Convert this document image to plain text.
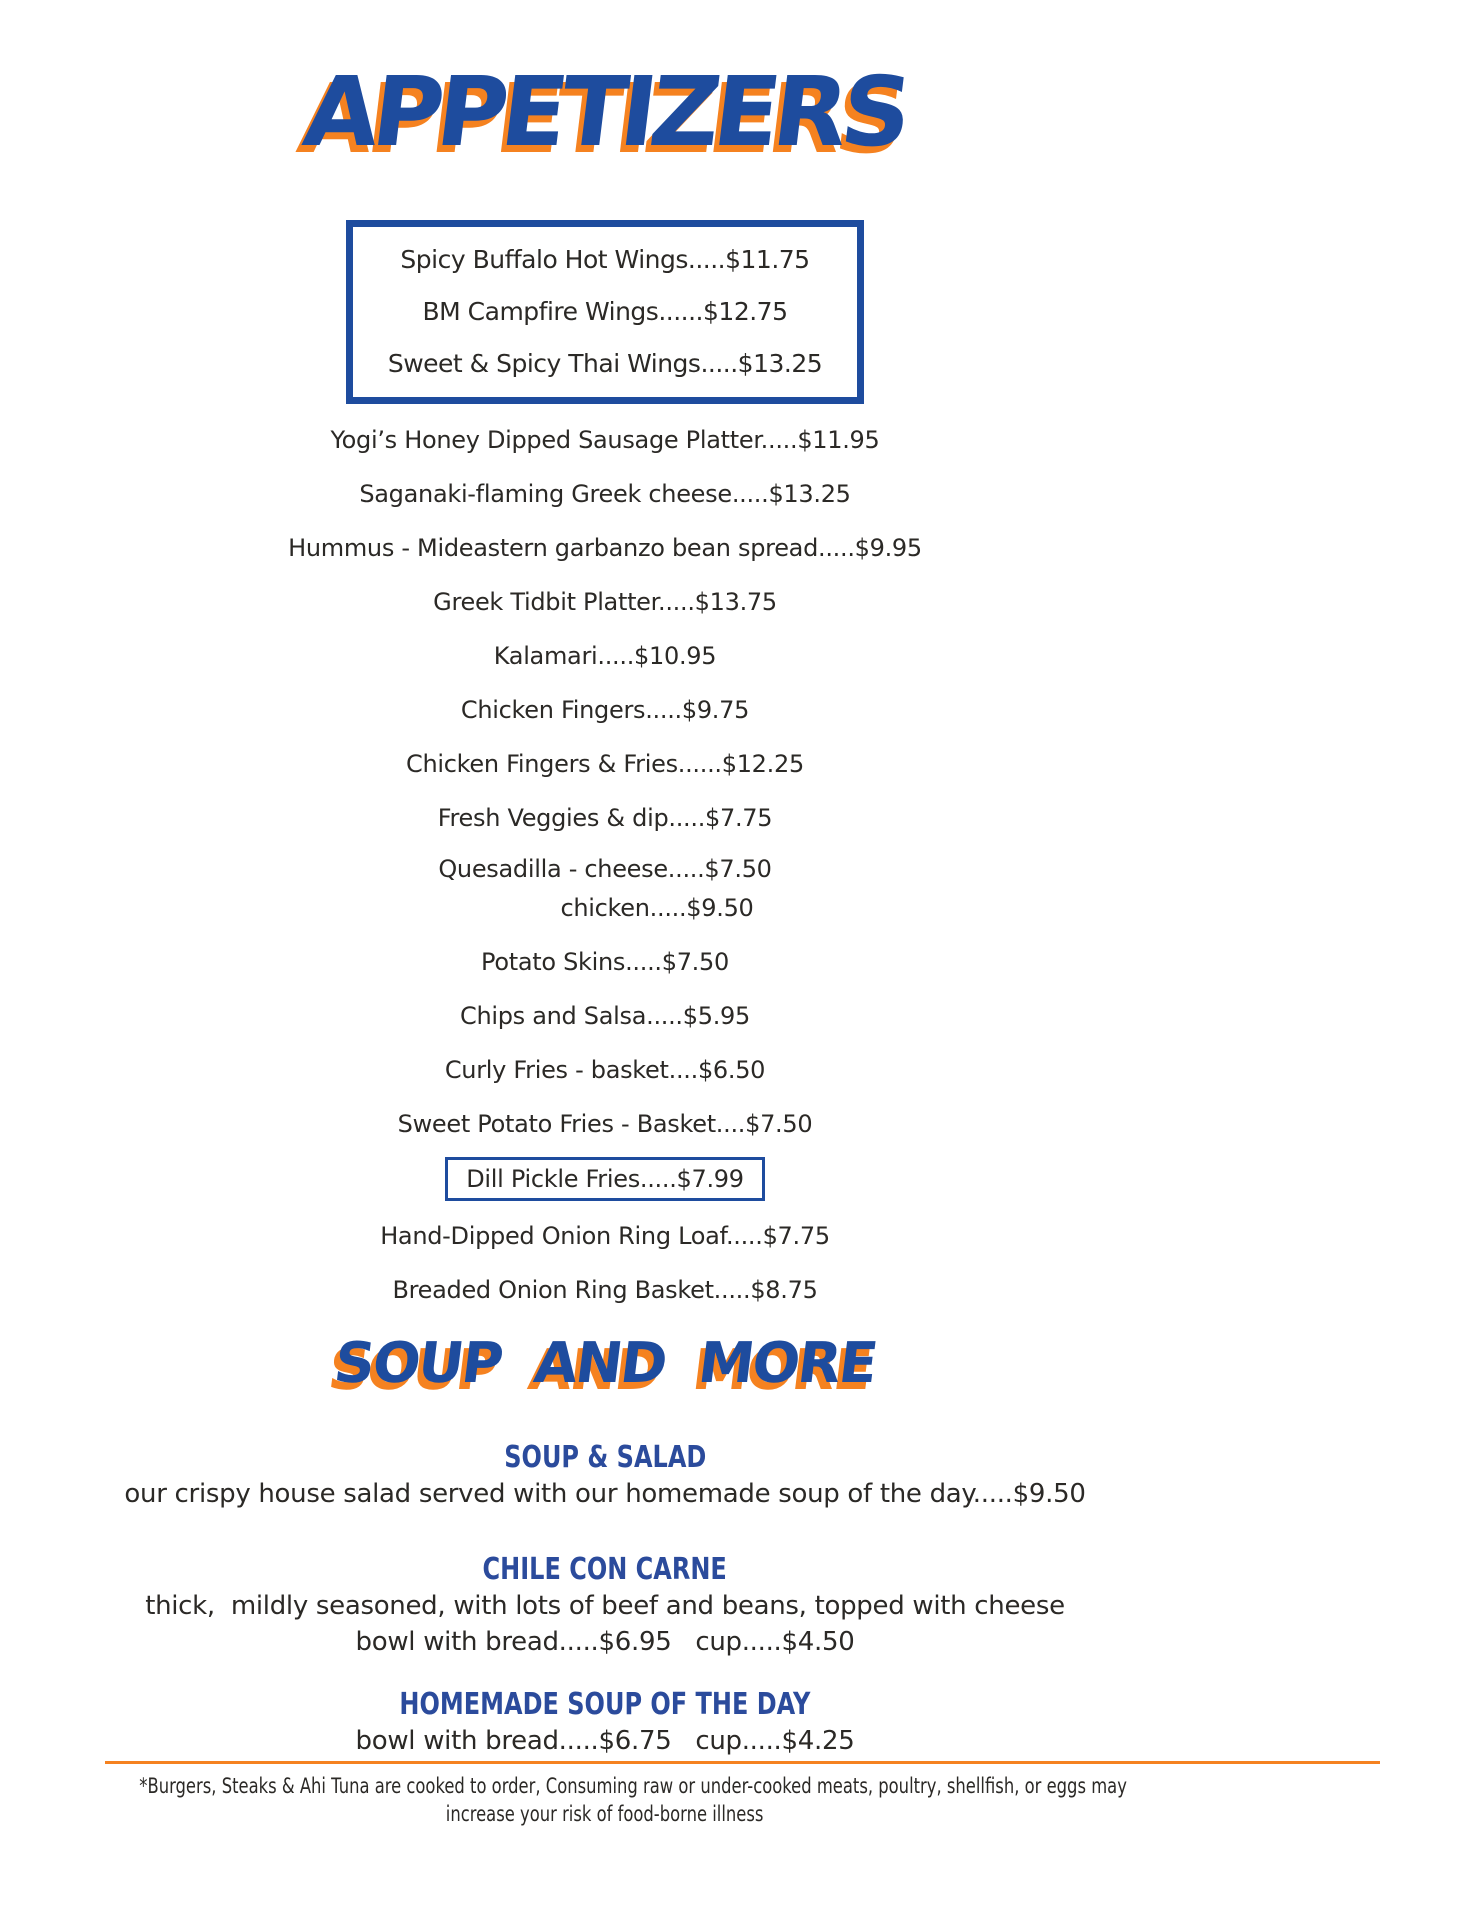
APPETIZERS
Spicy Buffalo Hot Wings.....$11.75
BM Campfire Wings......$12.75
Sweet & Spicy Thai Wings.....$13.25
Yogi’s Honey Dipped Sausage Platter.....$11.95
Saganaki-flaming Greek cheese.....$13.25
Hummus - Mideastern garbanzo bean spread.....$9.95
Greek Tidbit Platter.....$13.75
Kalamari.....$10.95
Chicken Fingers.....$9.75
Chicken Fingers & Fries......$12.25
Fresh Veggies & dip.....$7.75
Quesadilla - cheese.....$7.50
chicken.....$9.50
Potato Skins.....$7.50
Chips and Salsa.....$5.95
Curly Fries - basket....$6.50
Sweet Potato Fries - Basket....$7.50
Dill Pickle Fries.....$7.99
Hand-Dipped Onion Ring Loaf.....$7.75
Breaded Onion Ring Basket.....$8.75
SOUP AND MORE
SOUP & SALAD
our crispy house salad served with our homemade soup of the day.....$9.50
CHILE CON CARNE
thick,  mildly seasoned, with lots of beef and beans, topped with cheese
bowl with bread.....$6.95   cup.....$4.50
HOMEMADE SOUP OF THE DAY
bowl with bread.....$6.75   cup.....$4.25
*Burgers, Steaks & Ahi Tuna are cooked to order, Consuming raw or under-cooked meats, poultry, shellfish, or eggs may
increase your risk of food-borne illness
